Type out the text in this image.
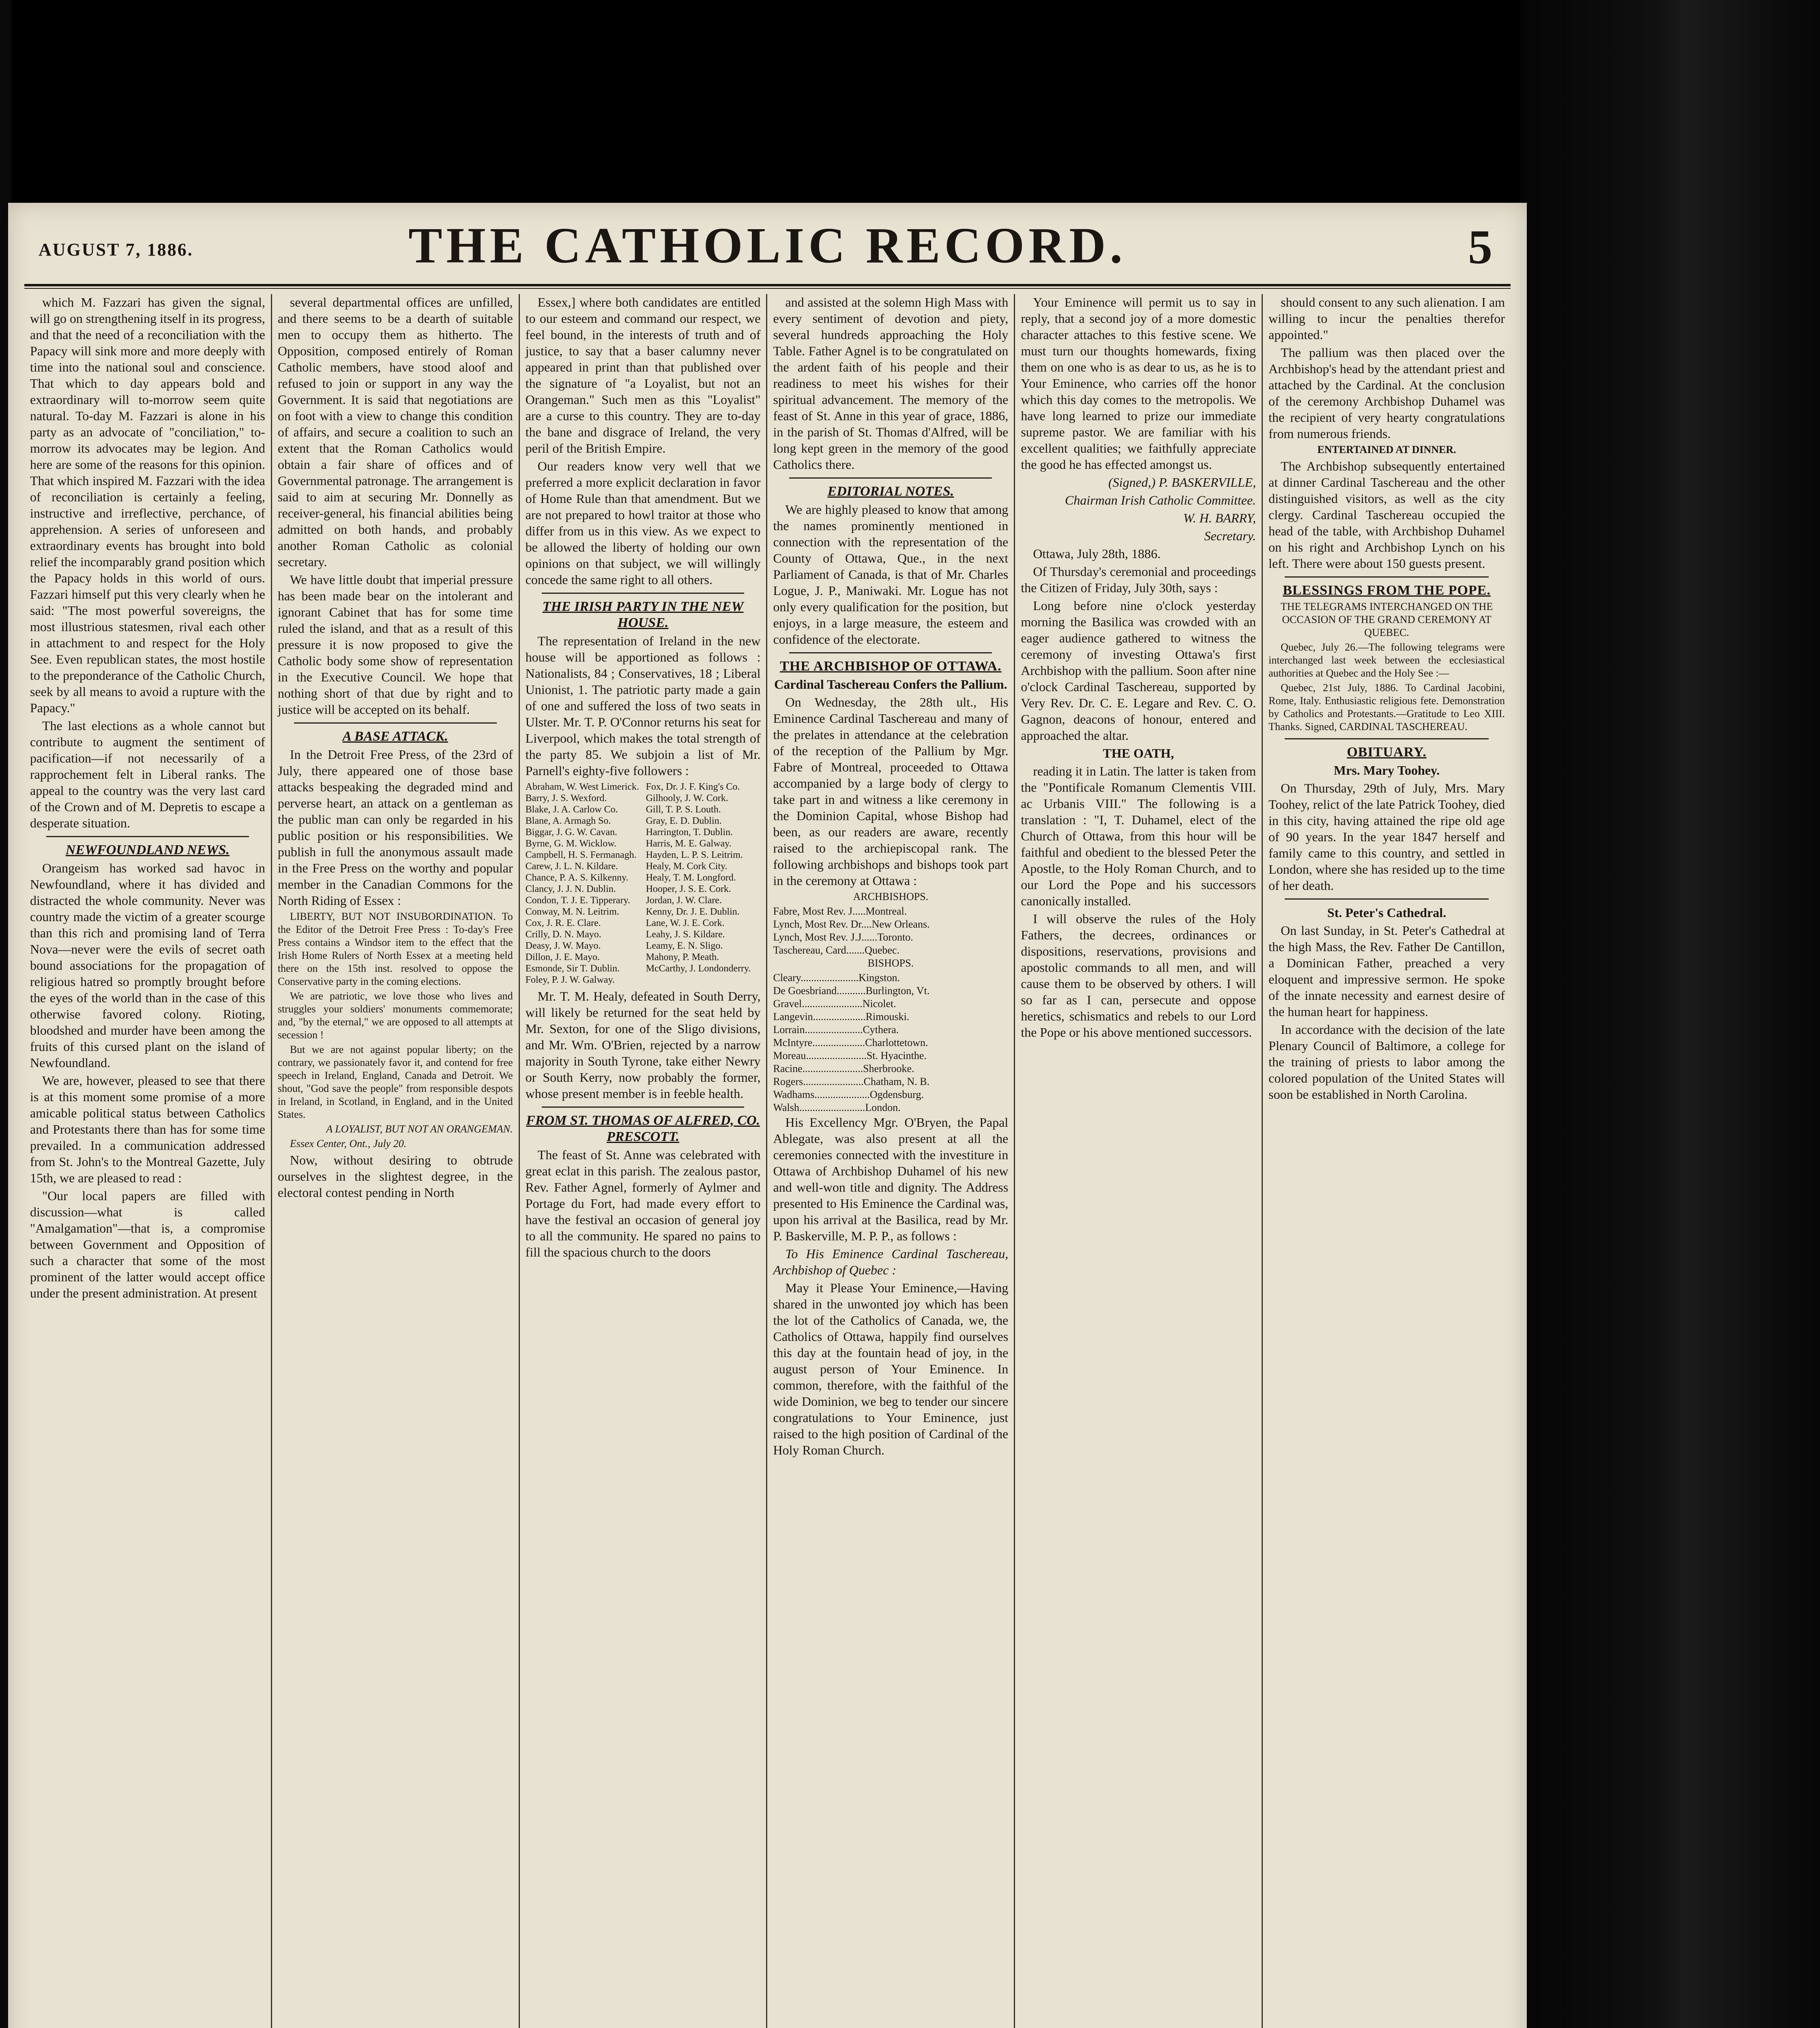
AUGUST 7, 1886.	THE CATHOLIC RECORD.	5

which M. Fazzari has given the signal, will go on strengthening itself in its progress, and that the need of a reconciliation with the Papacy will sink more and more deeply with time into the national soul and conscience. That which to day appears bold and extraordinary will to-morrow seem quite natural. To-day M. Fazzari is alone in his party as an advocate of "conciliation," to-morrow its advocates may be legion. And here are some of the reasons for this opinion. That which inspired M. Fazzari with the idea of reconciliation is certainly a feeling, instructive and irreflective, perchance, of apprehension. A series of unforeseen and extraordinary events has brought into bold relief the incomparably grand position which the Papacy holds in this world of ours. Fazzari himself put this very clearly when he said: "The most powerful sovereigns, the most illustrious statesmen, rival each other in attachment to and respect for the Holy See. Even republican states, the most hostile to the preponderance of the Catholic Church, seek by all means to avoid a rupture with the Papacy."

The last elections as a whole cannot but contribute to augment the sentiment of pacification—if not necessarily of a rapprochement felt in Liberal ranks. The appeal to the country was the very last card of the Crown and of M. Depretis to escape a desperate situation.

NEWFOUNDLAND NEWS.

Orangeism has worked sad havoc in Newfoundland, where it has divided and distracted the whole community. Never was country made the victim of a greater scourge than this rich and promising land of Terra Nova—never were the evils of secret oath bound associations for the propagation of religious hatred so promptly brought before the eyes of the world than in the case of this otherwise favored colony. Rioting, bloodshed and murder have been among the fruits of this cursed plant on the island of Newfoundland.

We are, however, pleased to see that there is at this moment some promise of a more amicable political status between Catholics and Protestants there than has for some time prevailed. In a communication addressed from St. John's to the Montreal Gazette, July 15th, we are pleased to read :

"Our local papers are filled with discussion—what is called "Amalgamation"—that is, a compromise between Government and Opposition of such a character that some of the most prominent of the latter would accept office under the present administration. At present

several departmental offices are unfilled, and there seems to be a dearth of suitable men to occupy them as hitherto. The Opposition, composed entirely of Roman Catholic members, have stood aloof and refused to join or support in any way the Government. It is said that negotiations are on foot with a view to change this condition of affairs, and secure a coalition to such an extent that the Roman Catholics would obtain a fair share of offices and of Governmental patronage. The arrangement is said to aim at securing Mr. Donnelly as receiver-general, his financial abilities being admitted on both hands, and probably another Roman Catholic as colonial secretary.

We have little doubt that imperial pressure has been made bear on the intolerant and ignorant Cabinet that has for some time ruled the island, and that as a result of this pressure it is now proposed to give the Catholic body some show of representation in the Executive Council. We hope that nothing short of that due by right and to justice will be accepted on its behalf.

A BASE ATTACK.

In the Detroit Free Press, of the 23rd of July, there appeared one of those base attacks bespeaking the degraded mind and perverse heart, an attack on a gentleman as the public man can only be regarded in his public position or his responsibilities. We publish in full the anonymous assault made in the Free Press on the worthy and popular member in the Canadian Commons for the North Riding of Essex :

LIBERTY, BUT NOT INSUBORDINATION. To the Editor of the Detroit Free Press : To-day's Free Press contains a Windsor item to the effect that the Irish Home Rulers of North Essex at a meeting held there on the 15th inst. resolved to oppose the Conservative party in the coming elections.

We are patriotic, we love those who lives and struggles your soldiers' monuments commemorate; and, "by the eternal," we are opposed to all attempts at secession !

But we are not against popular liberty; on the contrary, we passionately favor it, and contend for free speech in Ireland, England, Canada and Detroit. We shout, "God save the people" from responsible despots in Ireland, in Scotland, in England, and in the United States.

A LOYALIST, BUT NOT AN ORANGEMAN.

Essex Center, Ont., July 20.

Now, without desiring to obtrude ourselves in the slightest degree, in the electoral contest pending in North

Essex,] where both candidates are entitled to our esteem and command our respect, we feel bound, in the interests of truth and of justice, to say that a baser calumny never appeared in print than that published over the signature of "a Loyalist, but not an Orangeman." Such men as this "Loyalist" are a curse to this country. They are to-day the bane and disgrace of Ireland, the very peril of the British Empire.

Our readers know very well that we preferred a more explicit declaration in favor of Home Rule than that amendment. But we are not prepared to howl traitor at those who differ from us in this view. As we expect to be allowed the liberty of holding our own opinions on that subject, we will willingly concede the same right to all others.

THE IRISH PARTY IN THE NEW HOUSE.

The representation of Ireland in the new house will be apportioned as follows : Nationalists, 84 ; Conservatives, 18 ; Liberal Unionist, 1. The patriotic party made a gain of one and suffered the loss of two seats in Ulster. Mr. T. P. O'Connor returns his seat for Liverpool, which makes the total strength of the party 85. We subjoin a list of Mr. Parnell's eighty-five followers :

Abraham, W. West Limerick.
Barry, J. S. Wexford.
Blake, J. A. Carlow Co.
Blane, A. Armagh So.
Biggar, J. G. W. Cavan.
Byrne, G. M. Wicklow.
Campbell, H. S. Fermanagh.
Carew, J. L. N. Kildare.
Chance, P. A. S. Kilkenny.
Clancy, J. J. N. Dublin.
Condon, T. J. E. Tipperary.
Conway, M. N. Leitrim.
Cox, J. R. E. Clare.
Crilly, D. N. Mayo.
Deasy, J. W. Mayo.
Dillon, J. E. Mayo.
Esmonde, Sir T. Dublin.
Foley, P. J. W. Galway.
Fox, Dr. J. F. King's Co.
Gilhooly, J. W. Cork.
Gill, T. P. S. Louth.
Gray, E. D. Dublin.
Harrington, T. Dublin.
Harris, M. E. Galway.
Hayden, L. P. S. Leitrim.
Healy, M. Cork City.
Healy, T. M. Longford.
Hooper, J. S. E. Cork.
Jordan, J. W. Clare.
Kenny, Dr. J. E. Dublin.
Lane, W. J. E. Cork.
Leahy, J. S. Kildare.
Leamy, E. N. Sligo.
Mahony, P. Meath.
McCarthy, J. Londonderry.

Mr. T. M. Healy, defeated in South Derry, will likely be returned for the seat held by Mr. Sexton, for one of the Sligo divisions, and Mr. Wm. O'Brien, rejected by a narrow majority in South Tyrone, take either Newry or South Kerry, now probably the former, whose present member is in feeble health.

FROM ST. THOMAS OF ALFRED, CO. PRESCOTT.

The feast of St. Anne was celebrated with great eclat in this parish. The zealous pastor, Rev. Father Agnel, formerly of Aylmer and Portage du Fort, had made every effort to have the festival an occasion of general joy to all the community. He spared no pains to fill the spacious church to the doors

and assisted at the solemn High Mass with every sentiment of devotion and piety, several hundreds approaching the Holy Table. Father Agnel is to be congratulated on the ardent faith of his people and their readiness to meet his wishes for their spiritual advancement. The memory of the feast of St. Anne in this year of grace, 1886, in the parish of St. Thomas d'Alfred, will be long kept green in the memory of the good Catholics there.

EDITORIAL NOTES.

We are highly pleased to know that among the names prominently mentioned in connection with the representation of the County of Ottawa, Que., in the next Parliament of Canada, is that of Mr. Charles Logue, J. P., Maniwaki. Mr. Logue has not only every qualification for the position, but enjoys, in a large measure, the esteem and confidence of the electorate.

THE ARCHBISHOP OF OTTAWA.

Cardinal Taschereau Confers the Pallium.

On Wednesday, the 28th ult., His Eminence Cardinal Taschereau and many of the prelates in attendance at the celebration of the reception of the Pallium by Mgr. Fabre of Montreal, proceeded to Ottawa accompanied by a large body of clergy to take part in and witness a like ceremony in the Dominion Capital, whose Bishop had been, as our readers are aware, recently raised to the archiepiscopal rank. The following archbishops and bishops took part in the ceremony at Ottawa :

ARCHBISHOPS.

Fabre, Most Rev. J.....Montreal.
Lynch, Most Rev. Dr....New Orleans.
Lynch, Most Rev. J.J......Toronto.
Taschereau, Card.......Quebec.

BISHOPS.

Cleary......................Kingston.
De Goesbriand...........Burlington, Vt.
Gravel.......................Nicolet.
Langevin....................Rimouski.
Lorrain......................Cythera.
McIntyre....................Charlottetown.
Moreau.......................St. Hyacinthe.
Racine.......................Sherbrooke.
Rogers.......................Chatham, N. B.
Wadhams.....................Ogdensburg.
Walsh.........................London.

His Excellency Mgr. O'Bryen, the Papal Ablegate, was also present at all the ceremonies connected with the investiture in Ottawa of Archbishop Duhamel of his new and well-won title and dignity. The Address presented to His Eminence the Cardinal was, upon his arrival at the Basilica, read by Mr. P. Baskerville, M. P. P., as follows :

To His Eminence Cardinal Taschereau, Archbishop of Quebec :

May it Please Your Eminence,—Having shared in the unwonted joy which has been the lot of the Catholics of Canada, we, the Catholics of Ottawa, happily find ourselves this day at the fountain head of joy, in the august person of Your Eminence. In common, therefore, with the faithful of the wide Dominion, we beg to tender our sincere congratulations to Your Eminence, just raised to the high position of Cardinal of the Holy Roman Church.

Your Eminence will permit us to say in reply, that a second joy of a more domestic character attaches to this festive scene. We must turn our thoughts homewards, fixing them on one who is as dear to us, as he is to Your Eminence, who carries off the honor which this day comes to the metropolis. We have long learned to prize our immediate supreme pastor. We are familiar with his excellent qualities; we faithfully appreciate the good he has effected amongst us.

(Signed,) P. BASKERVILLE,

Chairman Irish Catholic Committee.

W. H. BARRY,

Secretary.

Ottawa, July 28th, 1886.

Of Thursday's ceremonial and proceedings the Citizen of Friday, July 30th, says :

Long before nine o'clock yesterday morning the Basilica was crowded with an eager audience gathered to witness the ceremony of investing Ottawa's first Archbishop with the pallium. Soon after nine o'clock Cardinal Taschereau, supported by Very Rev. Dr. C. E. Legare and Rev. C. O. Gagnon, deacons of honour, entered and approached the altar.

THE OATH,

reading it in Latin. The latter is taken from the "Pontificale Romanum Clementis VIII. ac Urbanis VIII." The following is a translation : "I, T. Duhamel, elect of the Church of Ottawa, from this hour will be faithful and obedient to the blessed Peter the Apostle, to the Holy Roman Church, and to our Lord the Pope and his successors canonically installed.

I will observe the rules of the Holy Fathers, the decrees, ordinances or dispositions, reservations, provisions and apostolic commands to all men, and will cause them to be observed by others. I will so far as I can, persecute and oppose heretics, schismatics and rebels to our Lord the Pope or his above mentioned successors.

should consent to any such alienation. I am willing to incur the penalties therefor appointed."

The pallium was then placed over the Archbishop's head by the attendant priest and attached by the Cardinal. At the conclusion of the ceremony Archbishop Duhamel was the recipient of very hearty congratulations from numerous friends.

ENTERTAINED AT DINNER.

The Archbishop subsequently entertained at dinner Cardinal Taschereau and the other distinguished visitors, as well as the city clergy. Cardinal Taschereau occupied the head of the table, with Archbishop Duhamel on his right and Archbishop Lynch on his left. There were about 150 guests present.

BLESSINGS FROM THE POPE.

THE TELEGRAMS INTERCHANGED ON THE OCCASION OF THE GRAND CEREMONY AT QUEBEC.

Quebec, July 26.—The following telegrams were interchanged last week between the ecclesiastical authorities at Quebec and the Holy See :—

Quebec, 21st July, 1886. To Cardinal Jacobini, Rome, Italy. Enthusiastic religious fete. Demonstration by Catholics and Protestants.—Gratitude to Leo XIII. Thanks. Signed, CARDINAL TASCHEREAU.

OBITUARY.

Mrs. Mary Toohey.

On Thursday, 29th of July, Mrs. Mary Toohey, relict of the late Patrick Toohey, died in this city, having attained the ripe old age of 90 years. In the year 1847 herself and family came to this country, and settled in London, where she has resided up to the time of her death.

St. Peter's Cathedral.

On last Sunday, in St. Peter's Cathedral at the high Mass, the Rev. Father De Cantillon, a Dominican Father, preached a very eloquent and impressive sermon. He spoke of the innate necessity and earnest desire of the human heart for happiness.

In accordance with the decision of the late Plenary Council of Baltimore, a college for the training of priests to labor among the colored population of the United States will soon be established in North Carolina.
